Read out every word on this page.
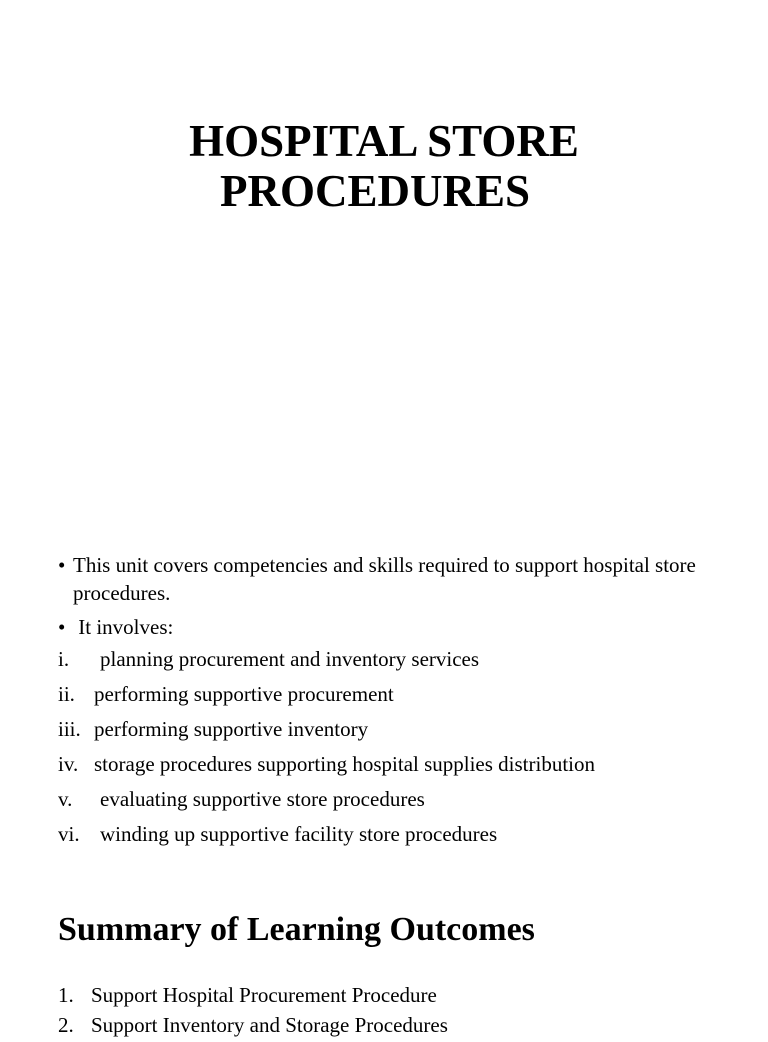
HOSPITAL STORE
PROCEDURES
• This unit covers competencies and skills required to support hospital store procedures.
• It involves:
i. planning procurement and inventory services
ii. performing supportive procurement
iii. performing supportive inventory
iv. storage procedures supporting hospital supplies distribution
v. evaluating supportive store procedures
vi. winding up supportive facility store procedures
Summary of Learning Outcomes
1. Support Hospital Procurement Procedure
2. Support Inventory and Storage Procedures
